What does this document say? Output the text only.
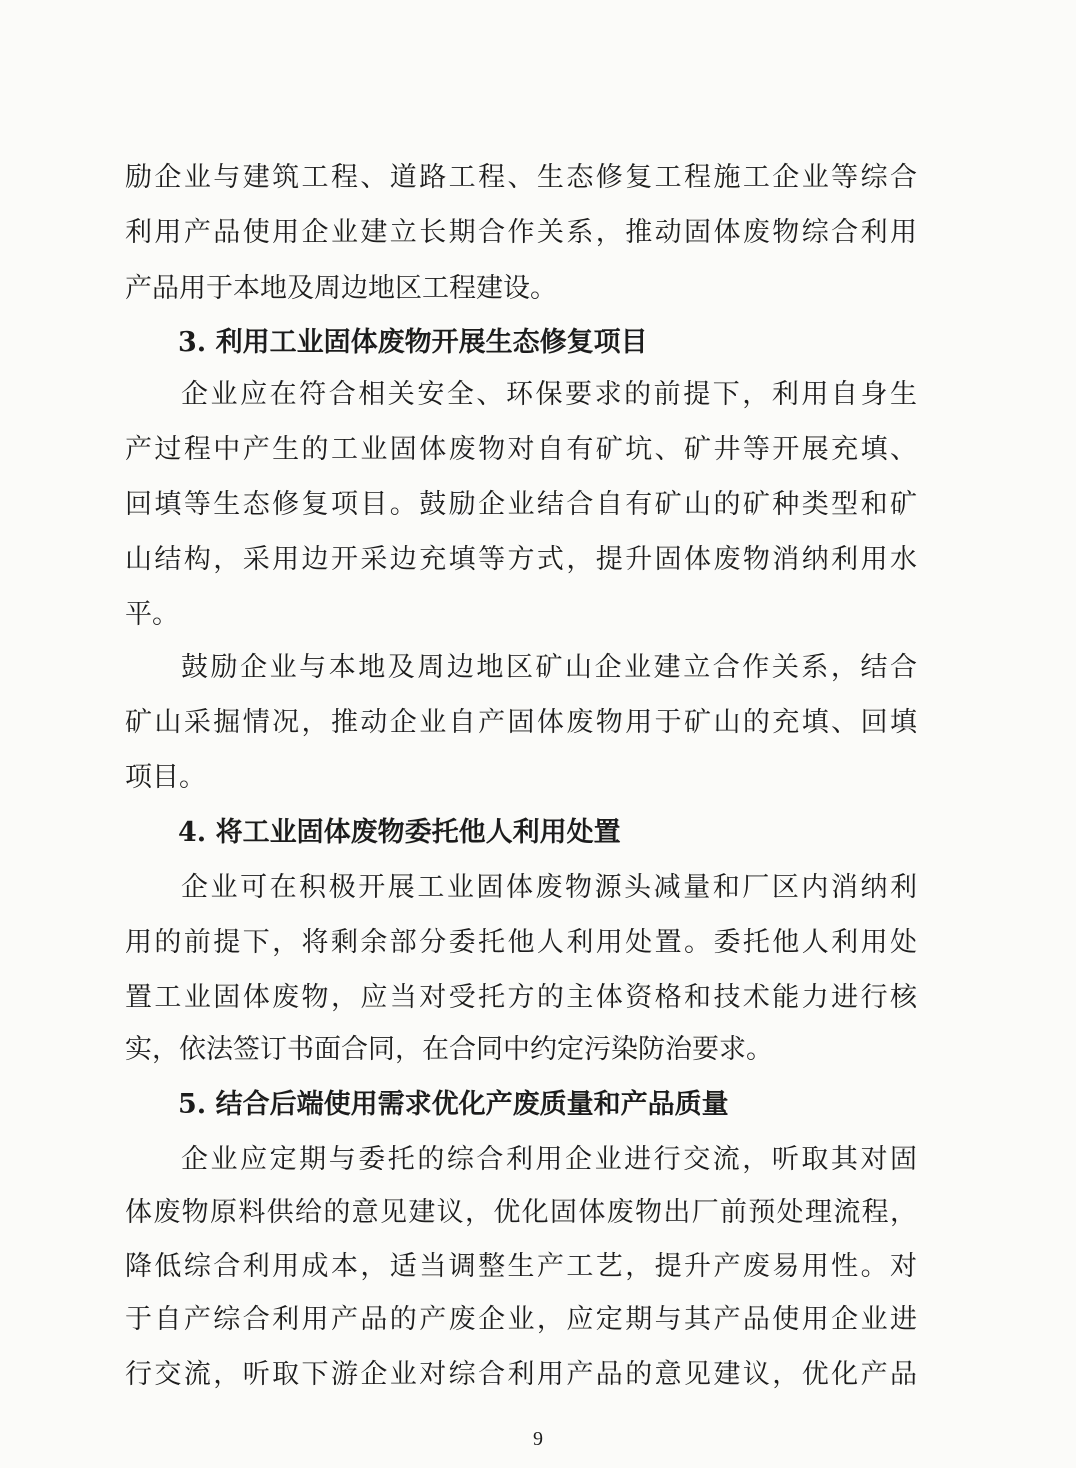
励企业与建筑工程、道路工程、生态修复工程施工企业等综合
利用产品使用企业建立长期合作关系，推动固体废物综合利用
产品用于本地及周边地区工程建设。
3. 利用工业固体废物开展生态修复项目
企业应在符合相关安全、环保要求的前提下，利用自身生
产过程中产生的工业固体废物对自有矿坑、矿井等开展充填、
回填等生态修复项目。鼓励企业结合自有矿山的矿种类型和矿
山结构，采用边开采边充填等方式，提升固体废物消纳利用水
平。
鼓励企业与本地及周边地区矿山企业建立合作关系，结合
矿山采掘情况，推动企业自产固体废物用于矿山的充填、回填
项目。
4. 将工业固体废物委托他人利用处置
企业可在积极开展工业固体废物源头减量和厂区内消纳利
用的前提下，将剩余部分委托他人利用处置。委托他人利用处
置工业固体废物，应当对受托方的主体资格和技术能力进行核
实，依法签订书面合同，在合同中约定污染防治要求。
5. 结合后端使用需求优化产废质量和产品质量
企业应定期与委托的综合利用企业进行交流，听取其对固
体废物原料供给的意见建议，优化固体废物出厂前预处理流程，
降低综合利用成本，适当调整生产工艺，提升产废易用性。对
于自产综合利用产品的产废企业，应定期与其产品使用企业进
行交流，听取下游企业对综合利用产品的意见建议，优化产品
9
